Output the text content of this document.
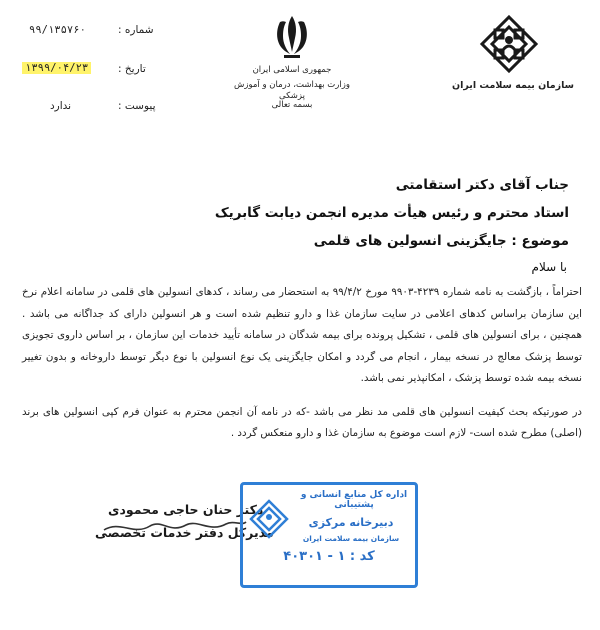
شماره :
۹۹/۱۳۵۷۶۰
تاریخ :
۱۳۹۹/۰۴/۲۳
پیوست :
ندارد
جمهوری اسلامی ایران
وزارت بهداشت، درمان و آموزش پزشکی
بسمه تعالی
سازمان بیمه سلامت ایران
جناب آقای دکتر استقامتی
استاد محترم و رئیس هیأت مدیره انجمن دیابت گابریک
موضوع : جایگزینی انسولین های قلمی
با سلام

احتراماً ، بازگشت به نامه شماره ۴۲۳۹-۹۹۰۳ مورخ ۹۹/۴/۲ به استحضار می رساند ، کدهای انسولین های قلمی در سامانه اعلام نرخ این سازمان براساس کدهای اعلامی در سایت سازمان غذا و دارو تنظیم شده است و هر انسولین دارای کد جداگانه می باشد . همچنین ، برای انسولین های قلمی ، تشکیل پرونده برای بیمه شدگان در سامانه تأیید خدمات این سازمان ، بر اساس داروی تجویزی توسط پزشک معالج در نسخه بیمار ، انجام می گردد و امکان جایگزینی یک نوع انسولین با نوع دیگر توسط داروخانه و بدون تغییر نسخه بیمه شده توسط پزشک ، امکانپذیر نمی باشد.

در صورتیکه بحث کیفیت انسولین های قلمی مد نظر می باشد -که در نامه آن انجمن محترم به عنوان فرم کپی انسولین های برند (اصلی) مطرح شده است- لازم است موضوع به سازمان غذا و دارو منعکس گردد .

دکتر حنان حاجی محمودی
مدیرکل دفتر خدمات تخصصی
اداره کل منابع انسانی و پشتیبانی
دبیرخانه مرکزی
سازمان بیمه سلامت ایران
کد : ۱ - ۴۰۳۰۱
